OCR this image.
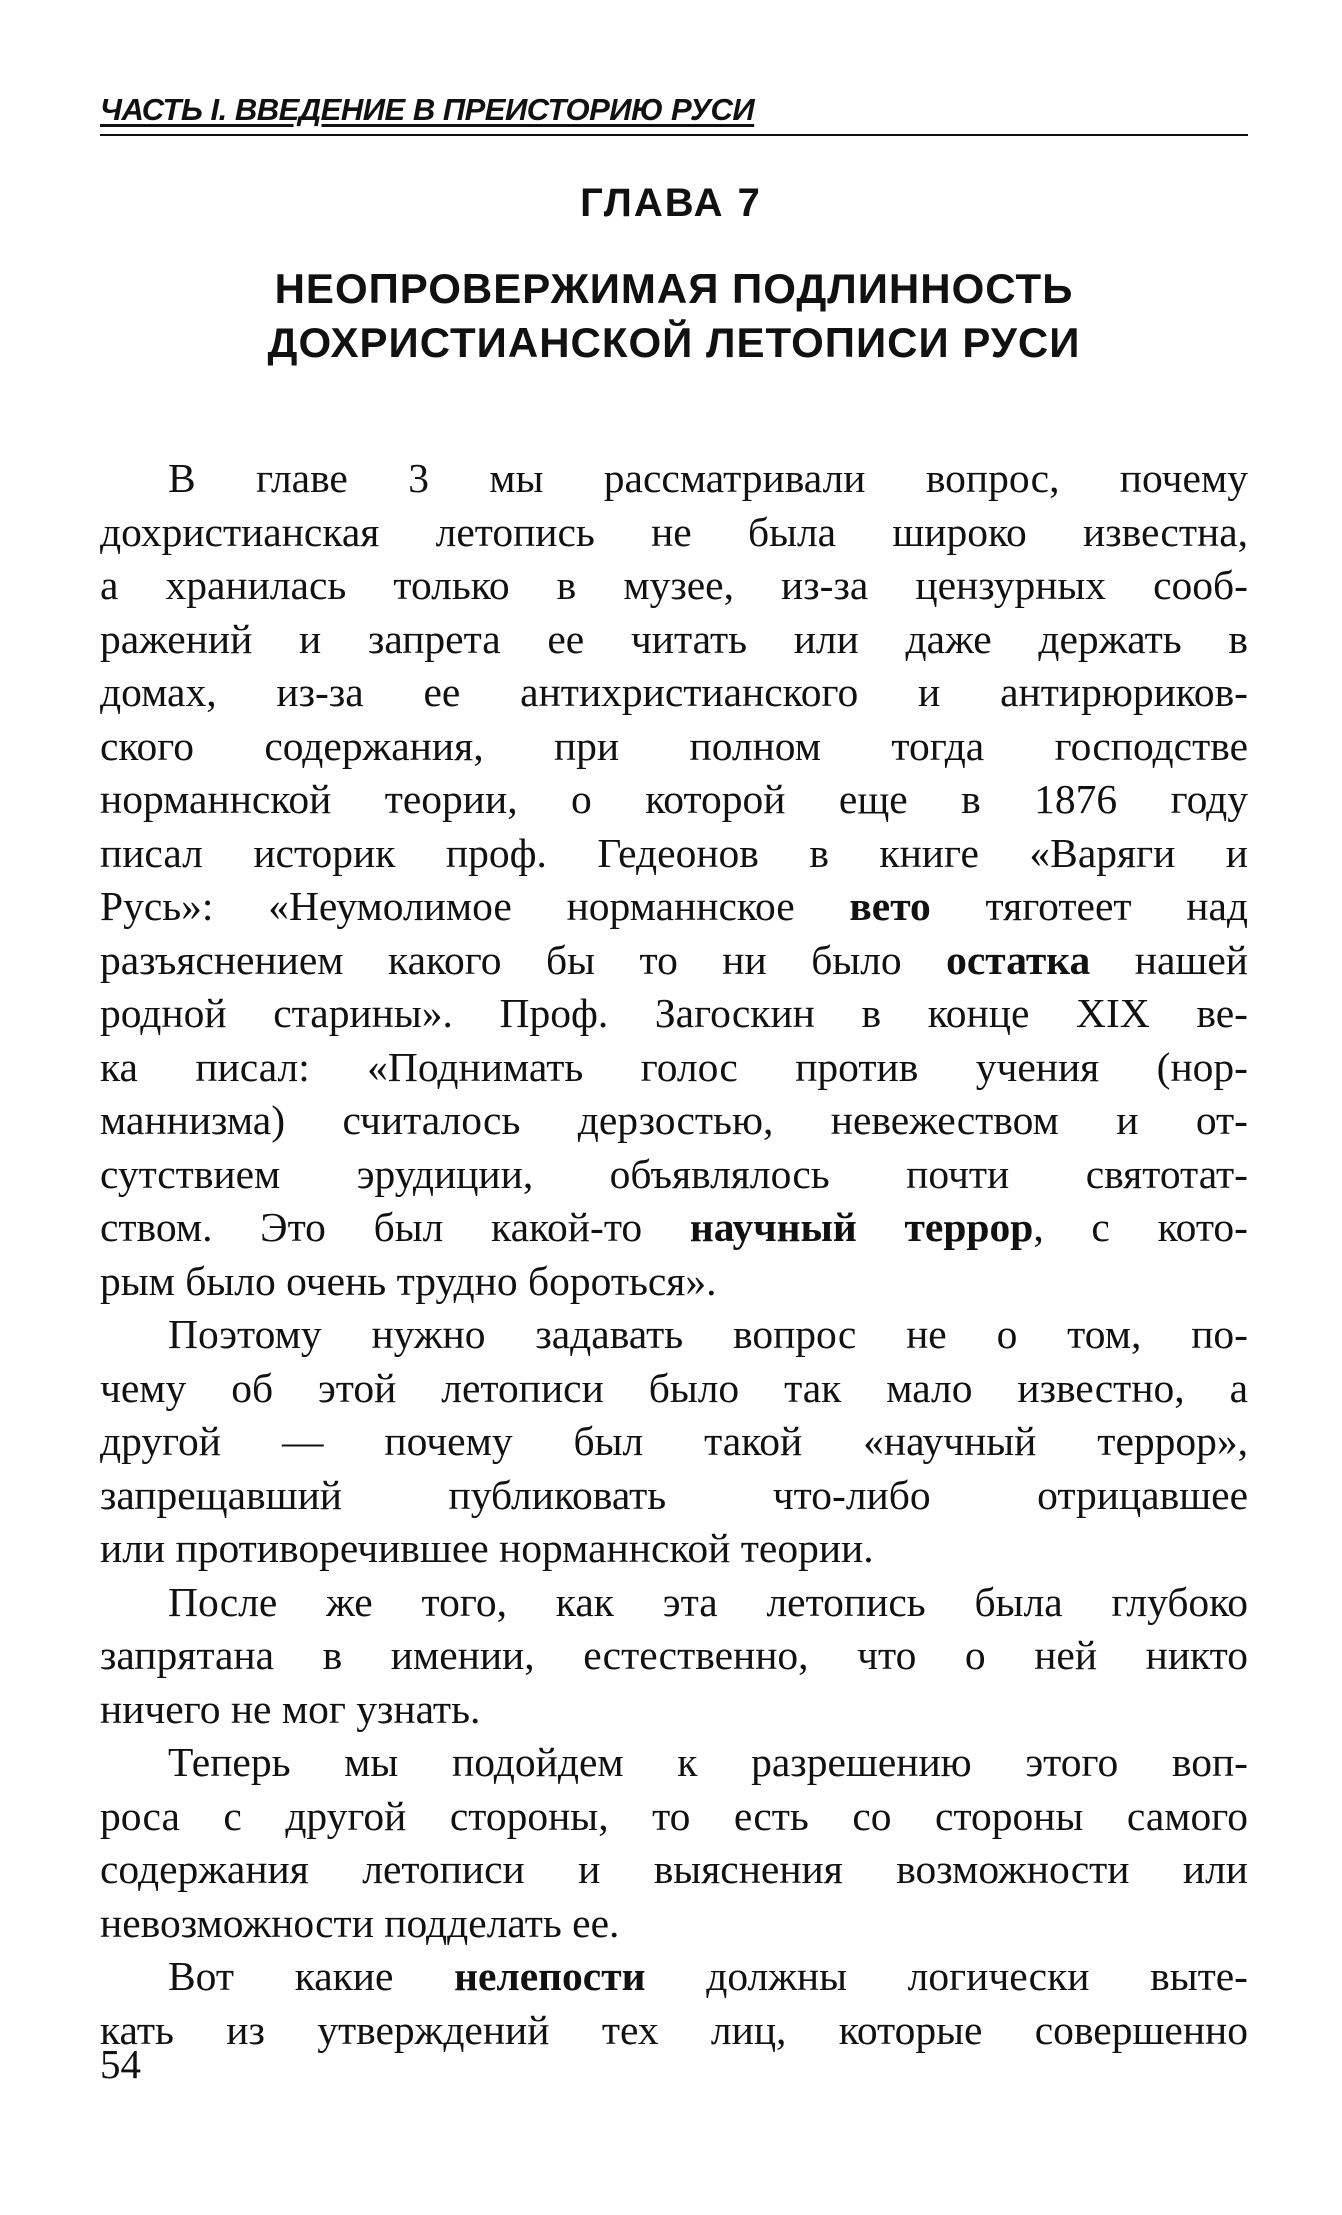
ЧАСТЬ I. ВВЕДЕНИЕ В ПРЕИСТОРИЮ РУСИ
ГЛАВА 7
НЕОПРОВЕРЖИМАЯ ПОДЛИННОСТЬ
ДОХРИСТИАНСКОЙ ЛЕТОПИСИ РУСИ

В главе 3 мы рассматривали вопрос, почему
дохристианская летопись не была широко известна,
а хранилась только в музее, из-за цензурных сооб-
ражений и запрета ее читать или даже держать в
домах, из-за ее антихристианского и антирюриков-
ского содержания, при полном тогда господстве
норманнской теории, о которой еще в 1876 году
писал историк проф. Гедеонов в книге «Варяги и
Русь»: «Неумолимое норманнское вето тяготеет над
разъяснением какого бы то ни было остатка нашей
родной старины». Проф. Загоскин в конце XIX ве-
ка писал: «Поднимать голос против учения (нор-
маннизма) считалось дерзостью, невежеством и от-
сутствием эрудиции, объявлялось почти святотат-
ством. Это был какой-то научный террор, с кото-
рым было очень трудно бороться».

Поэтому нужно задавать вопрос не о том, по-
чему об этой летописи было так мало известно, а
другой — почему был такой «научный террор»,
запрещавший публиковать что-либо отрицавшее
или противоречившее норманнской теории.

После же того, как эта летопись была глубоко
запрятана в имении, естественно, что о ней никто
ничего не мог узнать.

Теперь мы подойдем к разрешению этого воп-
роса с другой стороны, то есть со стороны самого
содержания летописи и выяснения возможности или
невозможности подделать ее.

Вот какие нелепости должны логически выте-
кать из утверждений тех лиц, которые совершенно

54
